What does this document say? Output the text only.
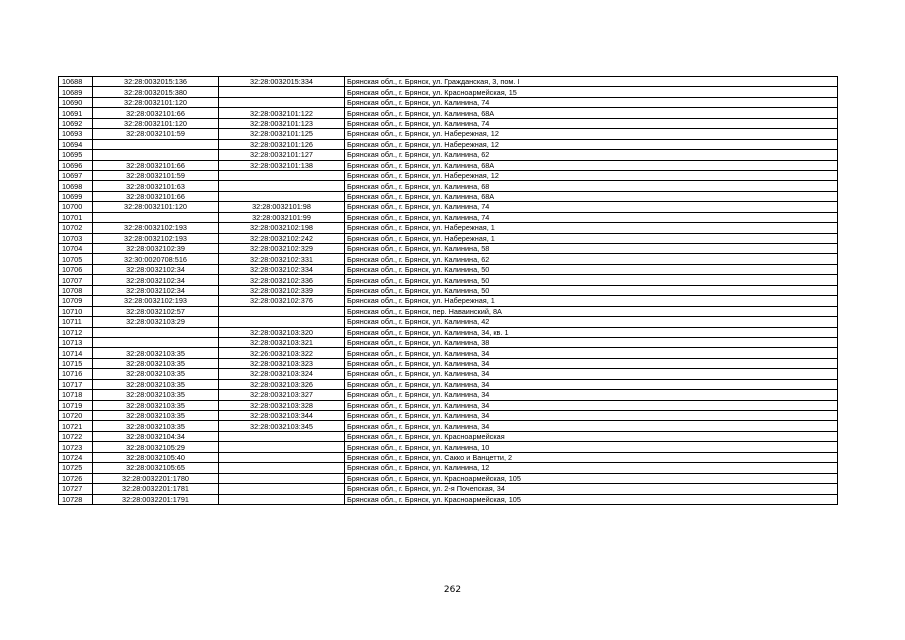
10688	32:28:0032015:136	32:28:0032015:334	Брянская обл., г. Брянск, ул. Гражданская, 3, пом. I
10689	32:28:0032015:380		Брянская обл., г. Брянск, ул. Красноармейская, 15
10690	32:28:0032101:120		Брянская обл., г. Брянск, ул. Калинина, 74
10691	32:28:0032101:66	32:28:0032101:122	Брянская обл., г. Брянск, ул. Калинина, 68А
10692	32:28:0032101:120	32:28:0032101:123	Брянская обл., г. Брянск, ул. Калинина, 74
10693	32:28:0032101:59	32:28:0032101:125	Брянская обл., г. Брянск, ул. Набережная, 12
10694		32:28:0032101:126	Брянская обл., г. Брянск, ул. Набережная, 12
10695		32:28:0032101:127	Брянская обл., г. Брянск, ул. Калинина, 62
10696	32:28:0032101:66	32:28:0032101:138	Брянская обл., г. Брянск, ул. Калинина, 68А
10697	32:28:0032101:59		Брянская обл., г. Брянск, ул. Набережная, 12
10698	32:28:0032101:63		Брянская обл., г. Брянск, ул. Калинина, 68
10699	32:28:0032101:66		Брянская обл., г. Брянск, ул. Калинина, 68А
10700	32:28:0032101:120	32:28:0032101:98	Брянская обл., г. Брянск, ул. Калинина, 74
10701		32:28:0032101:99	Брянская обл., г. Брянск, ул. Калинина, 74
10702	32:28:0032102:193	32:28:0032102:198	Брянская обл., г. Брянск, ул. Набережная, 1
10703	32:28:0032102:193	32:28:0032102:242	Брянская обл., г. Брянск, ул. Набережная, 1
10704	32:28:0032102:39	32:28:0032102:329	Брянская обл., г. Брянск, ул. Калинина, 58
10705	32:30:0020708:516	32:28:0032102:331	Брянская обл., г. Брянск, ул. Калинина, 62
10706	32:28:0032102:34	32:28:0032102:334	Брянская обл., г. Брянск, ул. Калинина, 50
10707	32:28:0032102:34	32:28:0032102:336	Брянская обл., г. Брянск, ул. Калинина, 50
10708	32:28:0032102:34	32:28:0032102:339	Брянская обл., г. Брянск, ул. Калинина, 50
10709	32:28:0032102:193	32:28:0032102:376	Брянская обл., г. Брянск, ул. Набережная, 1
10710	32:28:0032102:57		Брянская обл., г. Брянск, пер. Наваинский, 8А
10711	32:28:0032103:29		Брянская обл., г. Брянск, ул. Калинина, 42
10712		32:28:0032103:320	Брянская обл., г. Брянск, ул. Калинина, 34, кв. 1
10713		32:28:0032103:321	Брянская обл., г. Брянск, ул. Калинина, 38
10714	32:28:0032103:35	32:26:0032103:322	Брянская обл., г. Брянск, ул. Калинина, 34
10715	32:28:0032103:35	32:28:0032103:323	Брянская обл., г. Брянск, ул. Калинина, 34
10716	32:28:0032103:35	32:28:0032103:324	Брянская обл., г. Брянск, ул. Калинина, 34
10717	32:28:0032103:35	32:28:0032103:326	Брянская обл., г. Брянск, ул. Калинина, 34
10718	32:28:0032103:35	32:28:0032103:327	Брянская обл., г. Брянск, ул. Калинина, 34
10719	32:28:0032103:35	32:28:0032103:328	Брянская обл., г. Брянск, ул. Калинина, 34
10720	32:28:0032103:35	32:28:0032103:344	Брянская обл., г. Брянск, ул. Калинина, 34
10721	32:28:0032103:35	32:28:0032103:345	Брянская обл., г. Брянск, ул. Калинина, 34
10722	32:28:0032104:34		Брянская обл., г. Брянск, ул. Красноармейская
10723	32:28:0032105:29		Брянская обл., г. Брянск, ул. Калинина, 10
10724	32:28:0032105:40		Брянская обл., г. Брянск, ул. Сакко и Ванцетти, 2
10725	32:28:0032105:65		Брянская обл., г. Брянск, ул. Калинина, 12
10726	32:28:0032201:1780		Брянская обл., г. Брянск, ул. Красноармейская, 105
10727	32:28:0032201:1781		Брянская обл., г. Брянск, ул. 2-я Почепская, 34
10728	32:28:0032201:1791		Брянская обл., г. Брянск, ул. Красноармейская, 105
262
